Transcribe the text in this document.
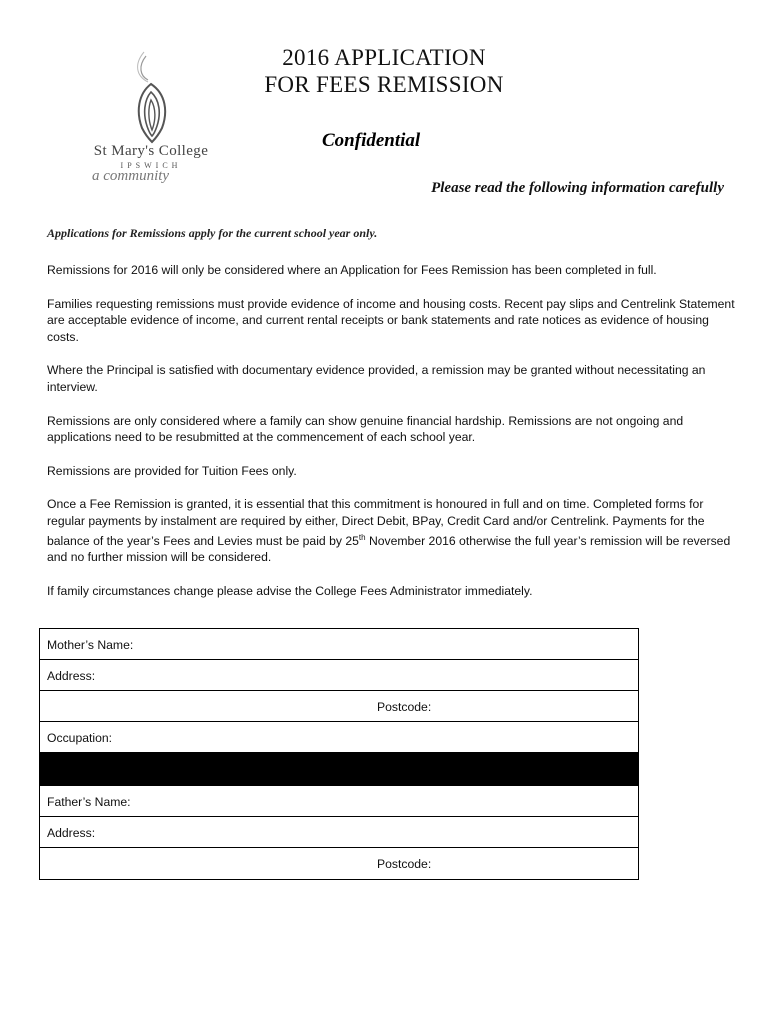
St Mary's College
IPSWICH
a community
2016 APPLICATION
FOR FEES REMISSION
Confidential
Please read the following information carefully
Applications for Remissions apply for the current school year only.

Remissions for 2016 will only be considered where an Application for Fees Remission has been completed in full.

Families requesting remissions must provide evidence of income and housing costs. Recent pay slips and Centrelink Statement are acceptable evidence of income, and current rental receipts or bank statements and rate notices as evidence of housing costs.

Where the Principal is satisfied with documentary evidence provided, a remission may be granted without necessitating an interview.

Remissions are only considered where a family can show genuine financial hardship. Remissions are not ongoing and applications need to be resubmitted at the commencement of each school year.

Remissions are provided for Tuition Fees only.

Once a Fee Remission is granted, it is essential that this commitment is honoured in full and on time. Completed forms for regular payments by instalment are required by either, Direct Debit, BPay, Credit Card and/or Centrelink. Payments for the balance of the year’s Fees and Levies must be paid by 25th November 2016 otherwise the full year’s remission will be reversed and no further mission will be considered.

If family circumstances change please advise the College Fees Administrator immediately.

Mother’s Name:
Address:
Postcode:
Occupation:
Father’s Name:
Address:
Postcode:
